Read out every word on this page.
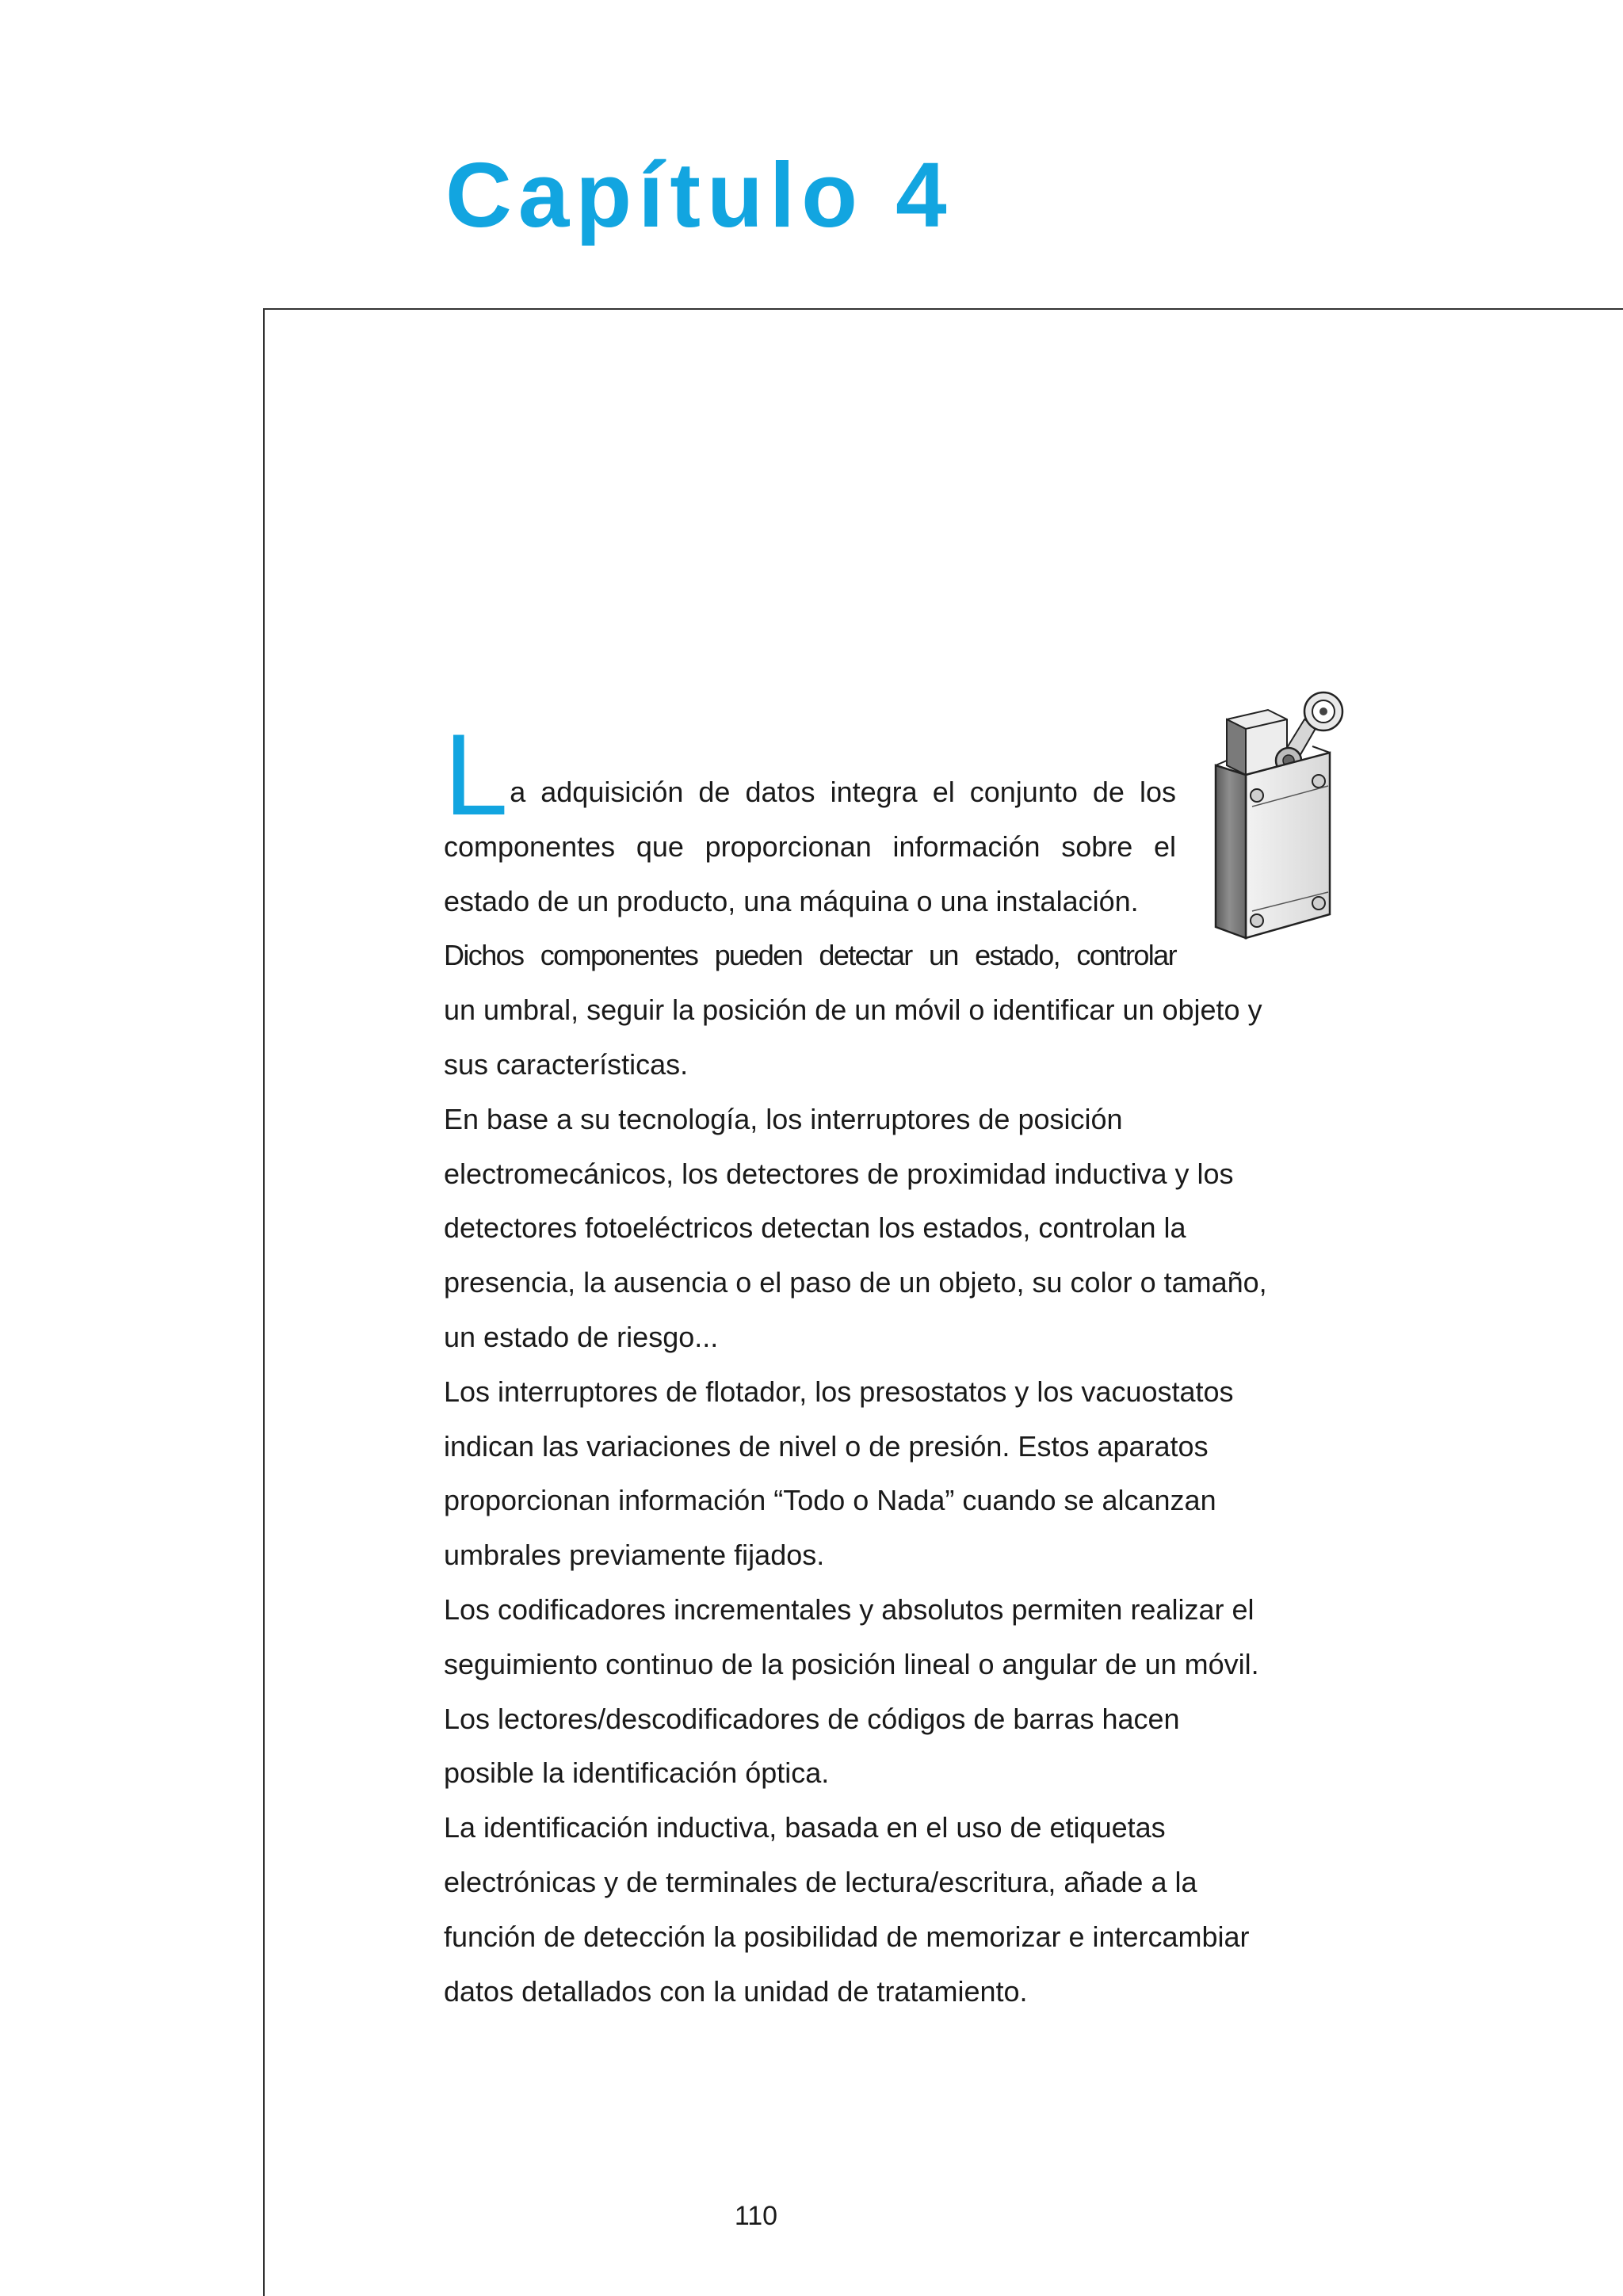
Capítulo 4
L a adquisición de datos integra el conjunto de los
componentes que proporcionan información sobre el
estado de un producto, una máquina o una instalación.
Dichos componentes pueden detectar un estado, controlar
un umbral, seguir la posición de un móvil o identificar un objeto y
sus características.
En base a su tecnología, los interruptores de posición
electromecánicos, los detectores de proximidad inductiva y los
detectores fotoeléctricos detectan los estados, controlan la
presencia, la ausencia o el paso de un objeto, su color o tamaño,
un estado de riesgo...
Los interruptores de flotador, los presostatos y los vacuostatos
indican las variaciones de nivel o de presión. Estos aparatos
proporcionan información “Todo o Nada” cuando se alcanzan
umbrales previamente fijados.
Los codificadores incrementales y absolutos permiten realizar el
seguimiento continuo de la posición lineal o angular de un móvil.
Los lectores/descodificadores de códigos de barras hacen
posible la identificación óptica.
La identificación inductiva, basada en el uso de etiquetas
electrónicas y de terminales de lectura/escritura, añade a la
función de detección la posibilidad de memorizar e intercambiar
datos detallados con la unidad de tratamiento.
110
